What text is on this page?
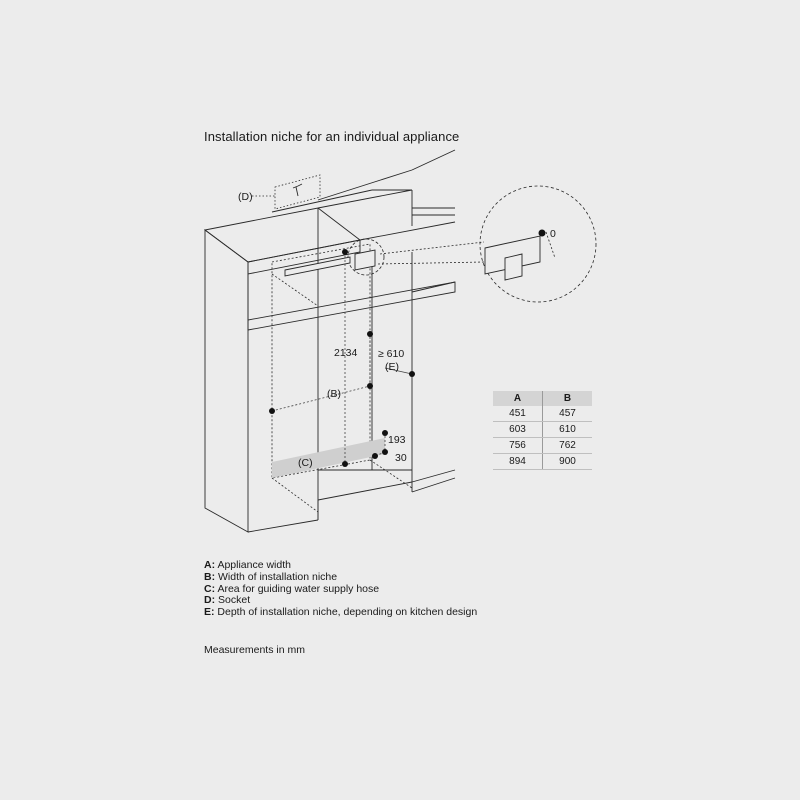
Installation niche for an individual appliance
(D)
(B)
(C)
(E)
2134 ≥ 610
193
30
0
A	B
451	457
603	610
756	762
894	900
A: Appliance width
B: Width of installation niche
C: Area for guiding water supply hose
D: Socket
E: Depth of installation niche, depending on kitchen design
Measurements in mm
